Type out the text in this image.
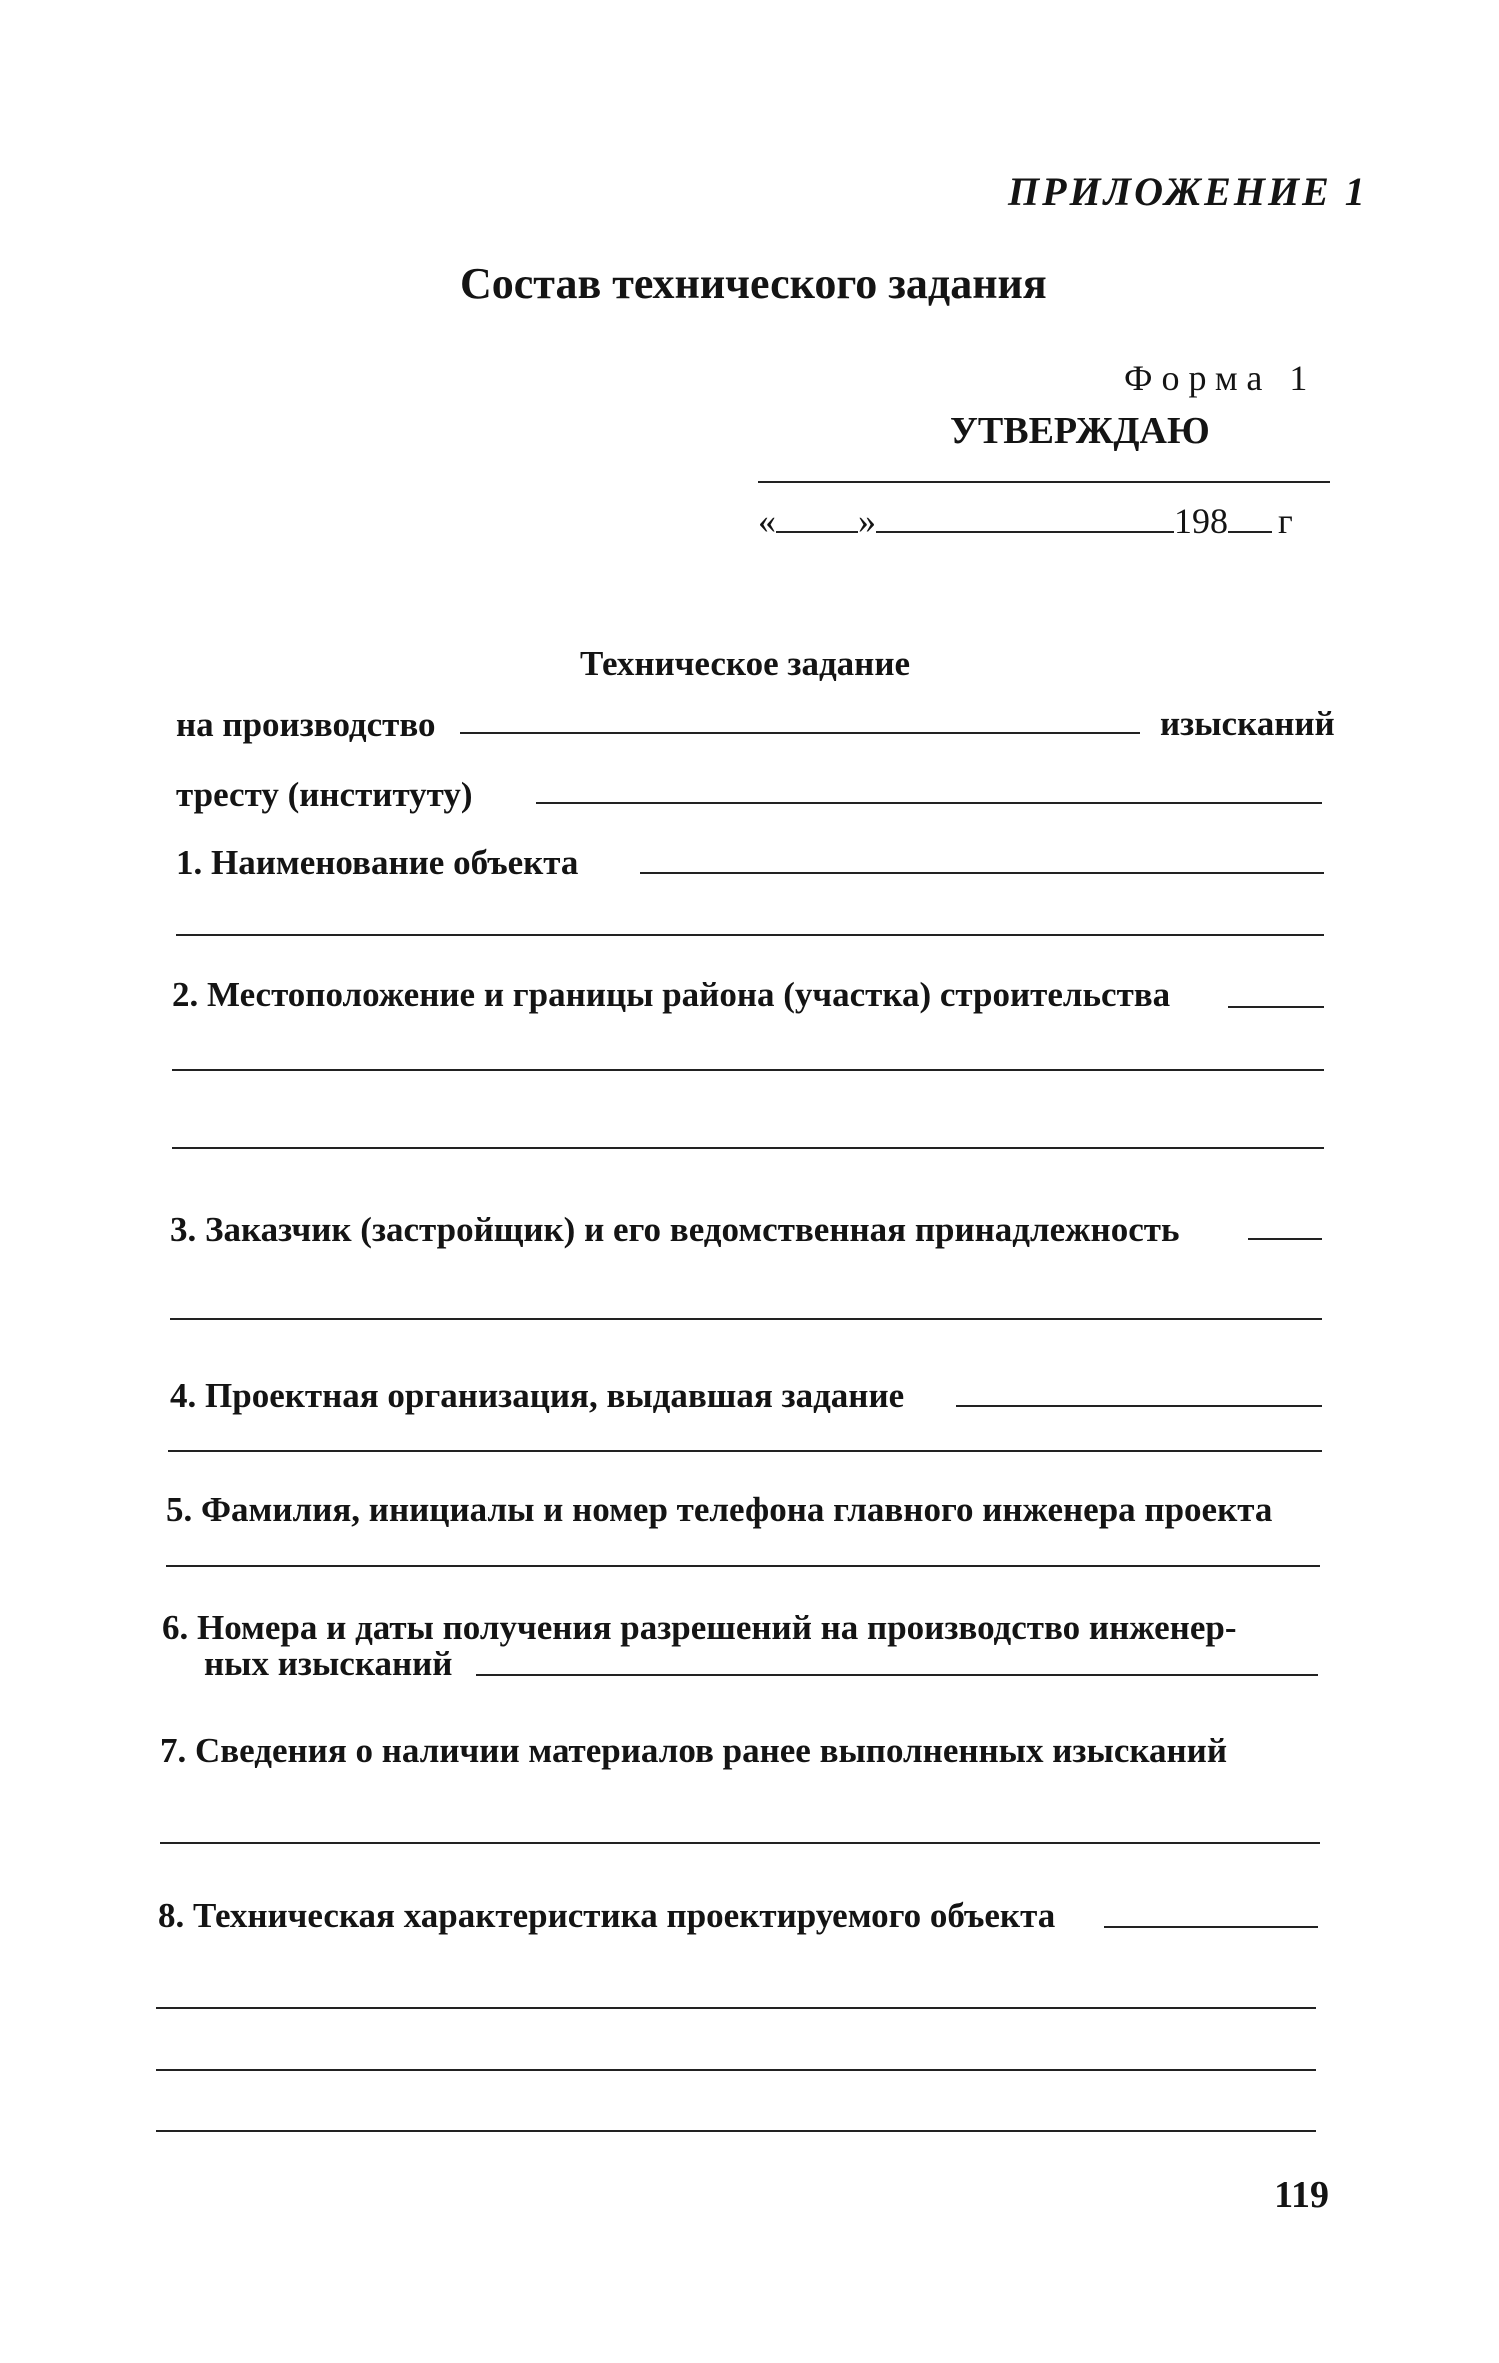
ПРИЛОЖЕНИЕ 1
Состав технического задания
Форма 1
УТВЕРЖДАЮ
« »	198 г
Техническое задание
на производство	изысканий
тресту (институту)
1. Наименование объекта
2. Местоположение и границы района (участка) строительства
3. Заказчик (застройщик) и его ведомственная принадлежность
4. Проектная организация, выдавшая задание
5. Фамилия, инициалы и номер телефона главного инженера проекта
6. Номера и даты получения разрешений на производство инженер-
ных изысканий
7. Сведения о наличии материалов ранее выполненных изысканий
8. Техническая характеристика проектируемого объекта
119
